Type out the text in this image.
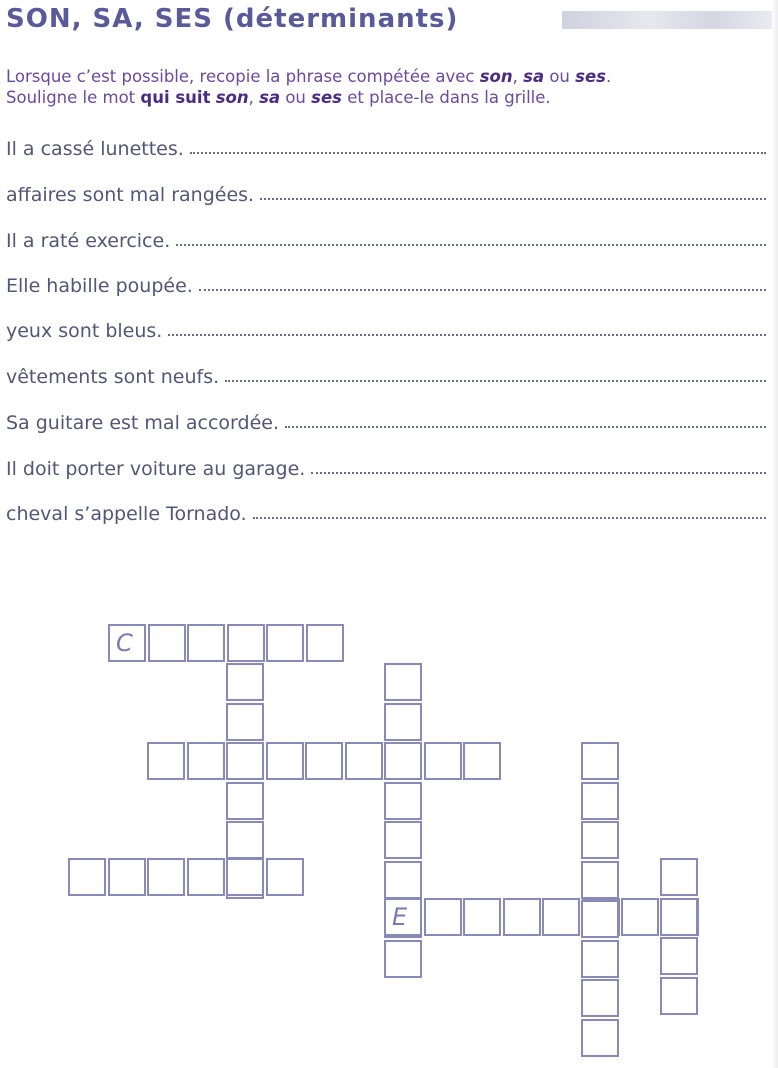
SON, SA, SES (déterminants)
Lorsque c’est possible, recopie la phrase compétée avec son, sa ou ses.
Souligne le mot qui suit son, sa ou ses et place-le dans la grille.
Il a cassé lunettes.
affaires sont mal rangées.
Il a raté exercice.
Elle habille poupée.
yeux sont bleus.
vêtements sont neufs.
Sa guitare est mal accordée.
Il doit porter voiture au garage.
cheval s’appelle Tornado.
C
E
